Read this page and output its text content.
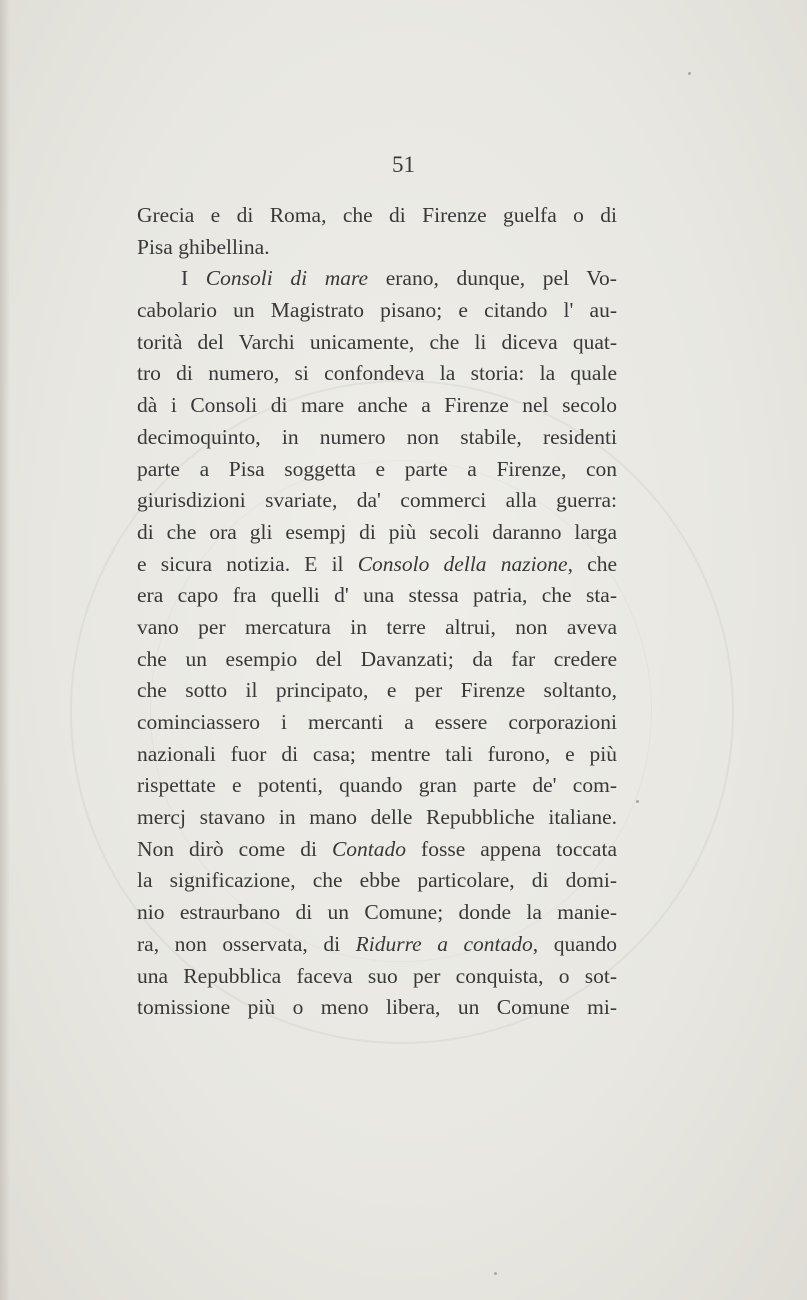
51
Grecia e di Roma, che di Firenze guelfa o di
Pisa ghibellina.
I Consoli di mare erano, dunque, pel Vo-
cabolario un Magistrato pisano; e citando l' au-
torità del Varchi unicamente, che li diceva quat-
tro di numero, si confondeva la storia: la quale
dà i Consoli di mare anche a Firenze nel secolo
decimoquinto, in numero non stabile, residenti
parte a Pisa soggetta e parte a Firenze, con
giurisdizioni svariate, da' commerci alla guerra:
di che ora gli esempj di più secoli daranno larga
e sicura notizia. E il Consolo della nazione, che
era capo fra quelli d' una stessa patria, che sta-
vano per mercatura in terre altrui, non aveva
che un esempio del Davanzati; da far credere
che sotto il principato, e per Firenze soltanto,
cominciassero i mercanti a essere corporazioni
nazionali fuor di casa; mentre tali furono, e più
rispettate e potenti, quando gran parte de' com-
mercj stavano in mano delle Repubbliche italiane.
Non dirò come di Contado fosse appena toccata
la significazione, che ebbe particolare, di domi-
nio estraurbano di un Comune; donde la manie-
ra, non osservata, di Ridurre a contado, quando
una Repubblica faceva suo per conquista, o sot-
tomissione più o meno libera, un Comune mi-
